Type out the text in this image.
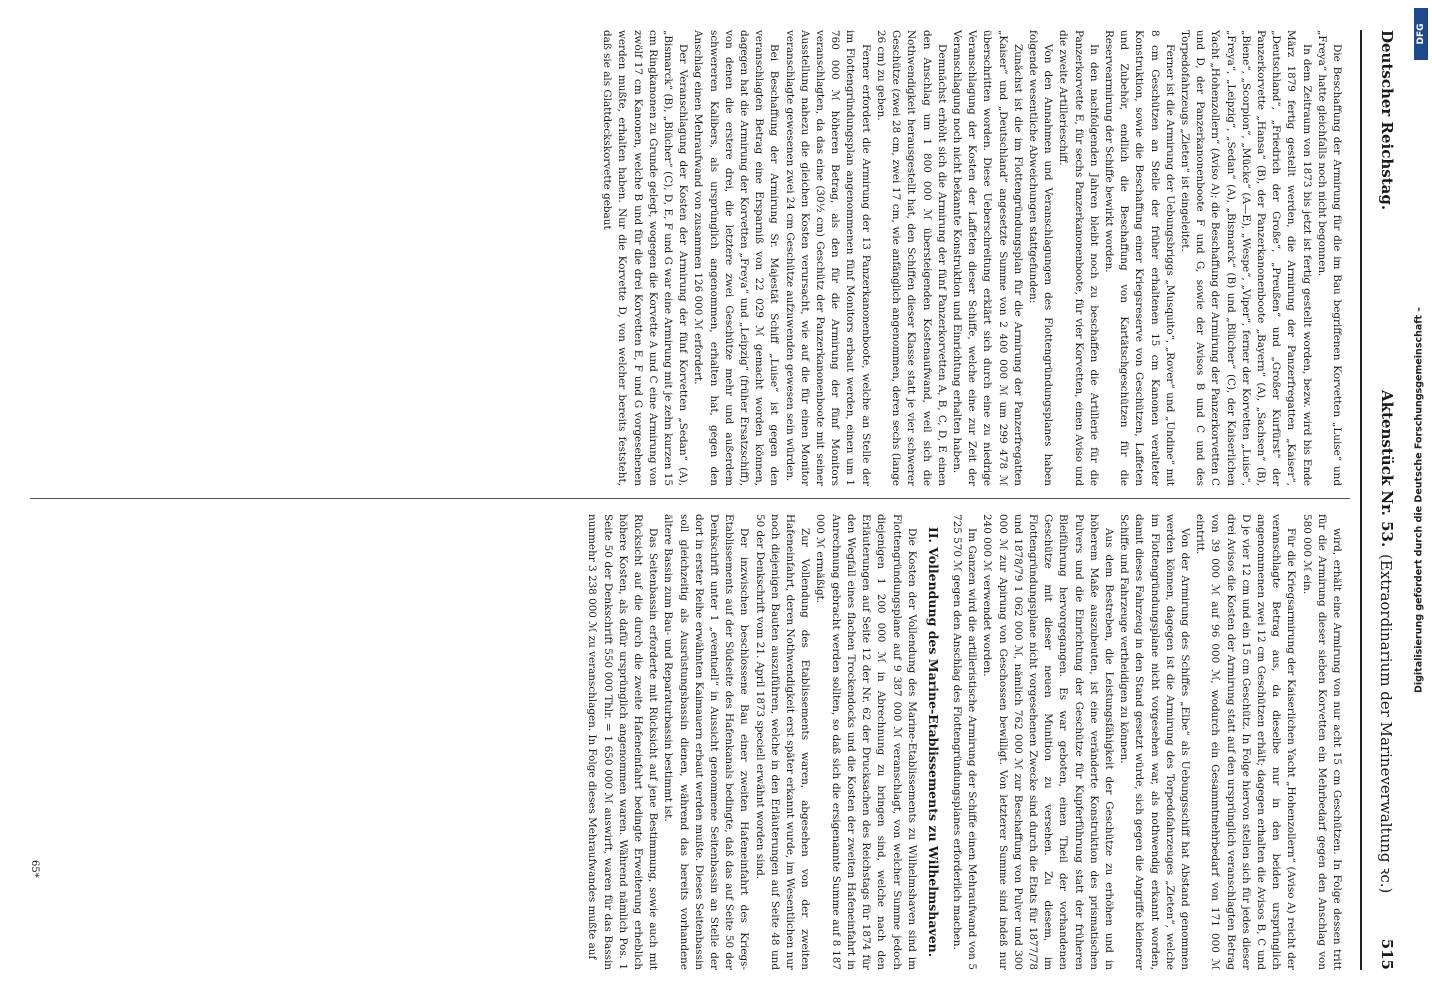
Deutscher Reichstag.
Aktenstück Nr. 53.
(Extraordinarium der Marineverwaltung ꝛc.)
515

Die Beschaffung der Armirung für die im Bau begriffenen Korvetten „Luise“ und „Freya“ hatte gleichfalls noch nicht begonnen.

In dem Zeitraum von 1873 bis jetzt ist fertig gestellt worden, bezw. wird bis Ende März 1879 fertig gestellt werden, die Armirung der Panzerfregatten „Kaiser“, „Deutschland“, „Friedrich der Große“, „Preußen“ und „Großer Kurfürst“ der Panzerkorvette „Hansa“ (B), der Panzerkanonenboote „Bayern“ (A), „Sachsen“ (B), „Biene“, „Scorpion“, „Mücke“ (A—E), „Wespe“, „Viper“, ferner der Korvetten „Luise“, „Freya“, „Leipzig“, „Sedan“ (A), „Bismarck“ (B) und „Blücher“ (C), der Kaiserlichen Yacht „Hohenzollern“ (Aviso A); die Beschaffung der Armirung der Panzerkorvetten C und D, der Panzerkanonenboote F und G, sowie der Avisos B und C und des Torpedofahrzeugs „Zieten“ ist eingeleitet.

Ferner ist die Armirung der Uebungsbriggs „Musquito“, „Rover“ und „Undine“ mit 8 cm Geschützen an Stelle der früher erhaltenen 15 cm Kanonen veralteter Konstruktion, sowie die Beschaffung einer Kriegsreserve von Geschützen, Laffeten und Zubehör, endlich die Beschaffung von Kartätschgeschützen für die Reservearmirung der Schiffe bewirkt worden.

In den nachfolgenden Jahren bleibt noch zu beschaffen die Artillerie für die Panzerkorvette E, für sechs Panzerkanonenboote, für vier Korvetten, einen Aviso und die zweite Artillerieschiff.

Von den Annahmen und Veranschlagungen des Flottengründungsplanes haben folgende wesentliche Abweichungen stattgefunden:

Zunächst ist die im Flottengründungsplan für die Armirung der Panzerfregatten „Kaiser“ und „Deutschland“ angesetzte Summe von 2 400 000 ℳ um 299 478 ℳ überschritten worden. Diese Ueberschreitung erklärt sich durch eine zu niedrige Veranschlagung der Kosten der Laffeten dieser Schiffe, welche eine zur Zeit der Veranschlagung noch nicht bekannte Konstruktion und Einrichtung erhalten haben.

Demnächst erhöht sich die Armirung der fünf Panzerkorvetten A, B, C, D, E einen den Anschlag um 1 800 000 ℳ übersteigenden Kostenaufwand, weil sich die Nothwendigkeit herausgestellt hat, den Schiffen dieser Klasse statt je vier schwerer Geschütze (zwei 28 cm, zwei 17 cm, wie anfänglich angenommen, deren sechs (lange 26 cm) zu geben.

Ferner erfordert die Armirung der 13 Panzerkanonenboote, welche an Stelle der im Flottengründungsplan angenommenen fünf Monitors erbaut werden, einen um 1 760 000 ℳ höheren Betrag, als den für die Armirung der fünf Monitors veranschlagten, da das eine (30½ cm) Geschütz der Panzerkanonenboote mit seiner Ausstellung nahezu die gleichen Kosten verursacht, wie auf die für einen Monitor veranschlagte gewesenen zwei 24 cm Geschütze aufzuwenden gewesen sein würden.

Bei Beschaffung der Armirung Sr. Majestät Schiff „Luise“ ist gegen den veranschlagten Betrag eine Ersparniß von 22 029 ℳ gemacht worden können, dagegen hat die Armirung der Korvetten „Freya“ und „Leipzig“ (früher Ersatzschiff), von denen die erstere drei, die letztere zwei Geschütze mehr und außerdem schwereren Kalibers, als ursprünglich angenommen, erhalten hat, gegen den Anschlag einen Mehraufwand von zusammen 126 000 ℳ erfordert.

Der Veranschlagung der Kosten der Armirung der fünf Korvetten „Sedan“ (A), „Bismarck“ (B), „Blücher“ (C), D, E, F und G war eine Armirung mit je zehn kurzen 15 cm Ringkanonen zu Grunde gelegt, wogegen die Korvette A und C eine Armirung von zwölf 17 cm Kanonen, welche B und für die drei Korvetten E, F und G vorgesehenen werden mußte, erhalten haben. Nur die Korvette D, von welcher bereits feststeht, daß sie als Glattdeckskorvette gebaut

wird, erhält eine Armirung von nur acht 15 cm Geschützen. In Folge dessen tritt für die Armirung dieser sieben Korvetten ein Mehrbedarf gegen den Anschlag von 580 000 ℳ ein.

Für die Kriegsarmirung der Kaiserlichen Yacht „Hohenzollern“ (Aviso A) reicht der veranschlagte Betrag aus, da dieselbe nur in den beiden ursprünglich angenommenen zwei 12 cm Geschützen erhält; dagegen erhalten die Avisos B, C und D je vier 12 cm und ein 15 cm Geschütz. In Folge hiervon stellen sich für jedes dieser drei Avisos die Kosten der Armirung statt auf den ursprünglich veranschlagten Betrag von 39 000 ℳ auf 96 000 ℳ, wodurch ein Gesammtmehrbedarf von 171 000 ℳ eintritt.

Von der Armirung des Schiffes „Elbe“ als Uebungsschiff hat Abstand genommen werden können, dagegen ist die Armirung des Torpedofahrzeuges „Zieten“, welche im Flottengründungsplane nicht vorgesehen war, als nothwendig erkannt worden, damit dieses Fahrzeug in den Stand gesetzt würde, sich gegen die Angriffe kleinerer Schiffe und Fahrzeuge vertheidigen zu können.

Aus dem Bestreben, die Leistungsfähigkeit der Geschütze zu erhöhen und in höherem Maße auszubeuten, ist eine veränderte Konstruktion des prismatischen Pulvers und die Einrichtung der Geschütze für Kupferführung statt der früheren Bleiführung hervorgegangen. Es war geboten, einen Theil der vorhandenen Geschütze mit dieser neuen Munition zu versehen. Zu diesem, im Flottengründungsplane nicht vorgesehenen Zwecke sind durch die Etats für 1877/78 und 1878/79 1 062 000 ℳ, nämlich 762 000 ℳ zur Beschaffung von Pulver und 300 000 ℳ zur Apirung von Geschossen bewilligt. Von letzterer Summe sind indeß nur 240 000 ℳ verwendet worden.

Im Ganzen wird die artilleristische Armirung der Schiffe einen Mehraufwand von 5 725 570 ℳ gegen den Anschlag des Flottengründungsplanes erforderlich machen.

II. Vollendung des Marine-Etablissements zu Wilhelmshaven.

Die Kosten der Vollendung des Marine-Etablissements zu Wilhelmshaven sind im Flottengründungsplane auf 9 387 000 ℳ veranschlagt, von welcher Summe jedoch diejenigen 1 200 000 ℳ in Abrechnung zu bringen sind, welche nach den Erläuterungen auf Seite 12 der Nr. 62 der Drucksachen des Reichstags für 1874 für den Wegfall eines flachen Trockendocks und die Kosten der zweiten Hafeneinfahrt in Anrechnung gebracht werden sollten, so daß sich die ersigenannte Summe auf 8 187 000 ℳ ermäßigt.

Zur Vollendung des Etablissements waren, abgesehen von der zweiten Hafeneinfahrt, deren Nothwendigkeit erst später erkannt wurde, im Wesentlichen nur noch diejenigen Bauten auszuführen, welche in den Erläuterungen auf Seite 48 und 50 der Denkschrift vom 21. April 1873 speciell erwähnt worden sind.

Der inzwischen beschlossene Bau einer zweiten Hafeneinfahrt des Kriegs-Etablissements auf der Südseite des Hafenkanals bedingte, daß das auf Seite 50 der Denkschrift unter 1 „eventuell“ in Aussicht genommene Seitenbassin an Stelle der dort in erster Reihe erwähnten Kaimauern erbaut werden mußte. Dieses Seitenbassin soll gleichzeitig als Ausrüstungsbassin dienen, während das bereits vorhandene ältere Bassin zum Bau- und Reparaturbassin bestimmt ist.

Das Seitenbassin erforderte mit Rücksicht auf jene Bestimmung, sowie auch mit Rücksicht auf die durch die zweite Hafeneinfahrt bedingte Erweiterung erheblich höhere Kosten, als dafür ursprünglich angenommen waren. Während nämlich Pos. 1 Seite 50 der Denkschrift 550 000 Thlr. = 1 650 000 ℳ auswirft, waren für das Bassin nunmehr 3 238 000 ℳ zu veranschlagen. In Folge dieses Mehraufwandes mußte auf

65*
DFG
Digitalisierung gefördert durch die Deutsche Forschungsgemeinschaft –
